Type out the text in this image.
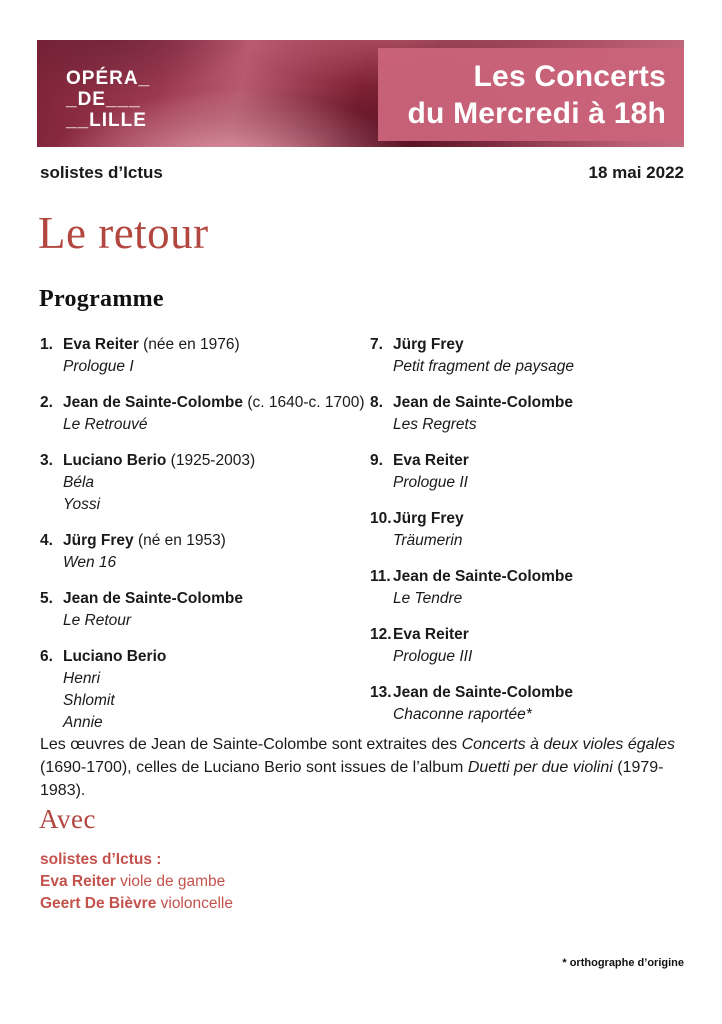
OPÉRA_
_DE___
__LILLE
Les Concerts
du Mercredi à 18h
solistes d’Ictus	18 mai 2022
Le retour
Programme
1. Eva Reiter (née en 1976)
Prologue I
2. Jean de Sainte-Colombe (c. 1640-c. 1700)
Le Retrouvé
3. Luciano Berio (1925-2003)
Béla
Yossi
4. Jürg Frey (né en 1953)
Wen 16
5. Jean de Sainte-Colombe
Le Retour
6. Luciano Berio
Henri
Shlomit
Annie
7. Jürg Frey
Petit fragment de paysage
8. Jean de Sainte-Colombe
Les Regrets
9. Eva Reiter
Prologue II
10.Jürg Frey
Träumerin
11. Jean de Sainte-Colombe
Le Tendre
12.Eva Reiter
Prologue III
13.Jean de Sainte-Colombe
Chaconne raportée*

Les œuvres de Jean de Sainte-Colombe sont extraites des Concerts à deux violes égales (1690-1700), celles de Luciano Berio sont issues de l’album Duetti per due violini (1979-1983).

Avec
solistes d’Ictus :
Eva Reiter viole de gambe
Geert De Bièvre violoncelle
* orthographe d’origine
